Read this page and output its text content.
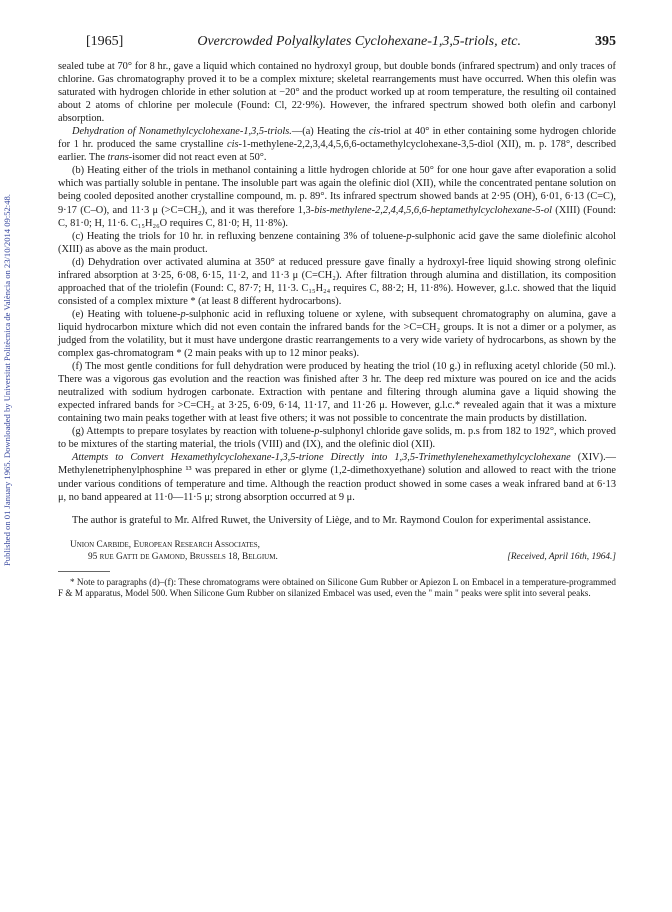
Published on 01 January 1965. Downloaded by Universitat Politècnica de València on 23/10/2014 09:52:48.
[1965]	Overcrowded Polyalkylates Cyclohexane-1,3,5-triols, etc.	395

sealed tube at 70° for 8 hr., gave a liquid which contained no hydroxyl group, but double bonds (infrared spectrum) and only traces of chlorine. Gas chromatography proved it to be a complex mixture; skeletal rearrangements must have occurred. When this olefin was saturated with hydrogen chloride in ether solution at −20° and the product worked up at room temperature, the resulting oil contained about 2 atoms of chlorine per molecule (Found: Cl, 22·9%). However, the infrared spectrum showed both olefin and carbonyl absorption.

Dehydration of Nonamethylcyclohexane-1,3,5-triols.—(a) Heating the cis-triol at 40° in ether containing some hydrogen chloride for 1 hr. produced the same crystalline cis-1-methylene-2,2,3,4,4,5,6,6-octamethylcyclohexane-3,5-diol (XII), m. p. 178°, described earlier. The trans-isomer did not react even at 50°.

(b) Heating either of the triols in methanol containing a little hydrogen chloride at 50° for one hour gave after evaporation a solid which was partially soluble in pentane. The insoluble part was again the olefinic diol (XII), while the concentrated pentane solution on being cooled deposited another crystalline compound, m. p. 89°. Its infrared spectrum showed bands at 2·95 (OH), 6·01, 6·13 (C=C), 9·17 (C–O), and 11·3 μ (>C=CH₂), and it was therefore 1,3-bis-methylene-2,2,4,4,5,6,6-heptamethylcyclohexane-5-ol (XIII) (Found: C, 81·0; H, 11·6. C₁₅H₂₆O requires C, 81·0; H, 11·8%).

(c) Heating the triols for 10 hr. in refluxing benzene containing 3% of toluene-p-sulphonic acid gave the same diolefinic alcohol (XIII) as above as the main product.

(d) Dehydration over activated alumina at 350° at reduced pressure gave finally a hydroxyl-free liquid showing strong olefinic infrared absorption at 3·25, 6·08, 6·15, 11·2, and 11·3 μ (C=CH₂). After filtration through alumina and distillation, its composition approached that of the triolefin (Found: C, 87·7; H, 11·3. C₁₅H₂₄ requires C, 88·2; H, 11·8%). However, g.l.c. showed that the liquid consisted of a complex mixture * (at least 8 different hydrocarbons).

(e) Heating with toluene-p-sulphonic acid in refluxing toluene or xylene, with subsequent chromatography on alumina, gave a liquid hydrocarbon mixture which did not even contain the infrared bands for the >C=CH₂ groups. It is not a dimer or a polymer, as judged from the volatility, but it must have undergone drastic rearrangements to a very wide variety of hydrocarbons, as shown by the complex gas-chromatogram * (2 main peaks with up to 12 minor peaks).

(f) The most gentle conditions for full dehydration were produced by heating the triol (10 g.) in refluxing acetyl chloride (50 ml.). There was a vigorous gas evolution and the reaction was finished after 3 hr. The deep red mixture was poured on ice and the acids neutralized with sodium hydrogen carbonate. Extraction with pentane and filtering through alumina gave a liquid showing the expected infrared bands for >C=CH₂ at 3·25, 6·09, 6·14, 11·17, and 11·26 μ. However, g.l.c.* revealed again that it was a mixture containing two main peaks together with at least five others; it was not possible to concentrate the main products by distillation.

(g) Attempts to prepare tosylates by reaction with toluene-p-sulphonyl chloride gave solids, m. p.s from 182 to 192°, which proved to be mixtures of the starting material, the triols (VIII) and (IX), and the olefinic diol (XII).

Attempts to Convert Hexamethylcyclohexane-1,3,5-trione Directly into 1,3,5-Trimethylenehexamethylcyclohexane (XIV).—Methylenetriphenylphosphine ¹³ was prepared in ether or glyme (1,2-dimethoxyethane) solution and allowed to react with the trione under various conditions of temperature and time. Although the reaction product showed in some cases a weak infrared band at 6·13 μ, no band appeared at 11·0—11·5 μ; strong absorption occurred at 9 μ.

The author is grateful to Mr. Alfred Ruwet, the University of Liège, and to Mr. Raymond Coulon for experimental assistance.

Union Carbide, European Research Associates,
95 rue Gatti de Gamond, Brussels 18, Belgium.	[Received, April 16th, 1964.]

* Note to paragraphs (d)–(f): These chromatograms were obtained on Silicone Gum Rubber or Apiezon L on Embacel in a temperature-programmed F & M apparatus, Model 500. When Silicone Gum Rubber on silanized Embacel was used, even the " main " peaks were split into several peaks.
